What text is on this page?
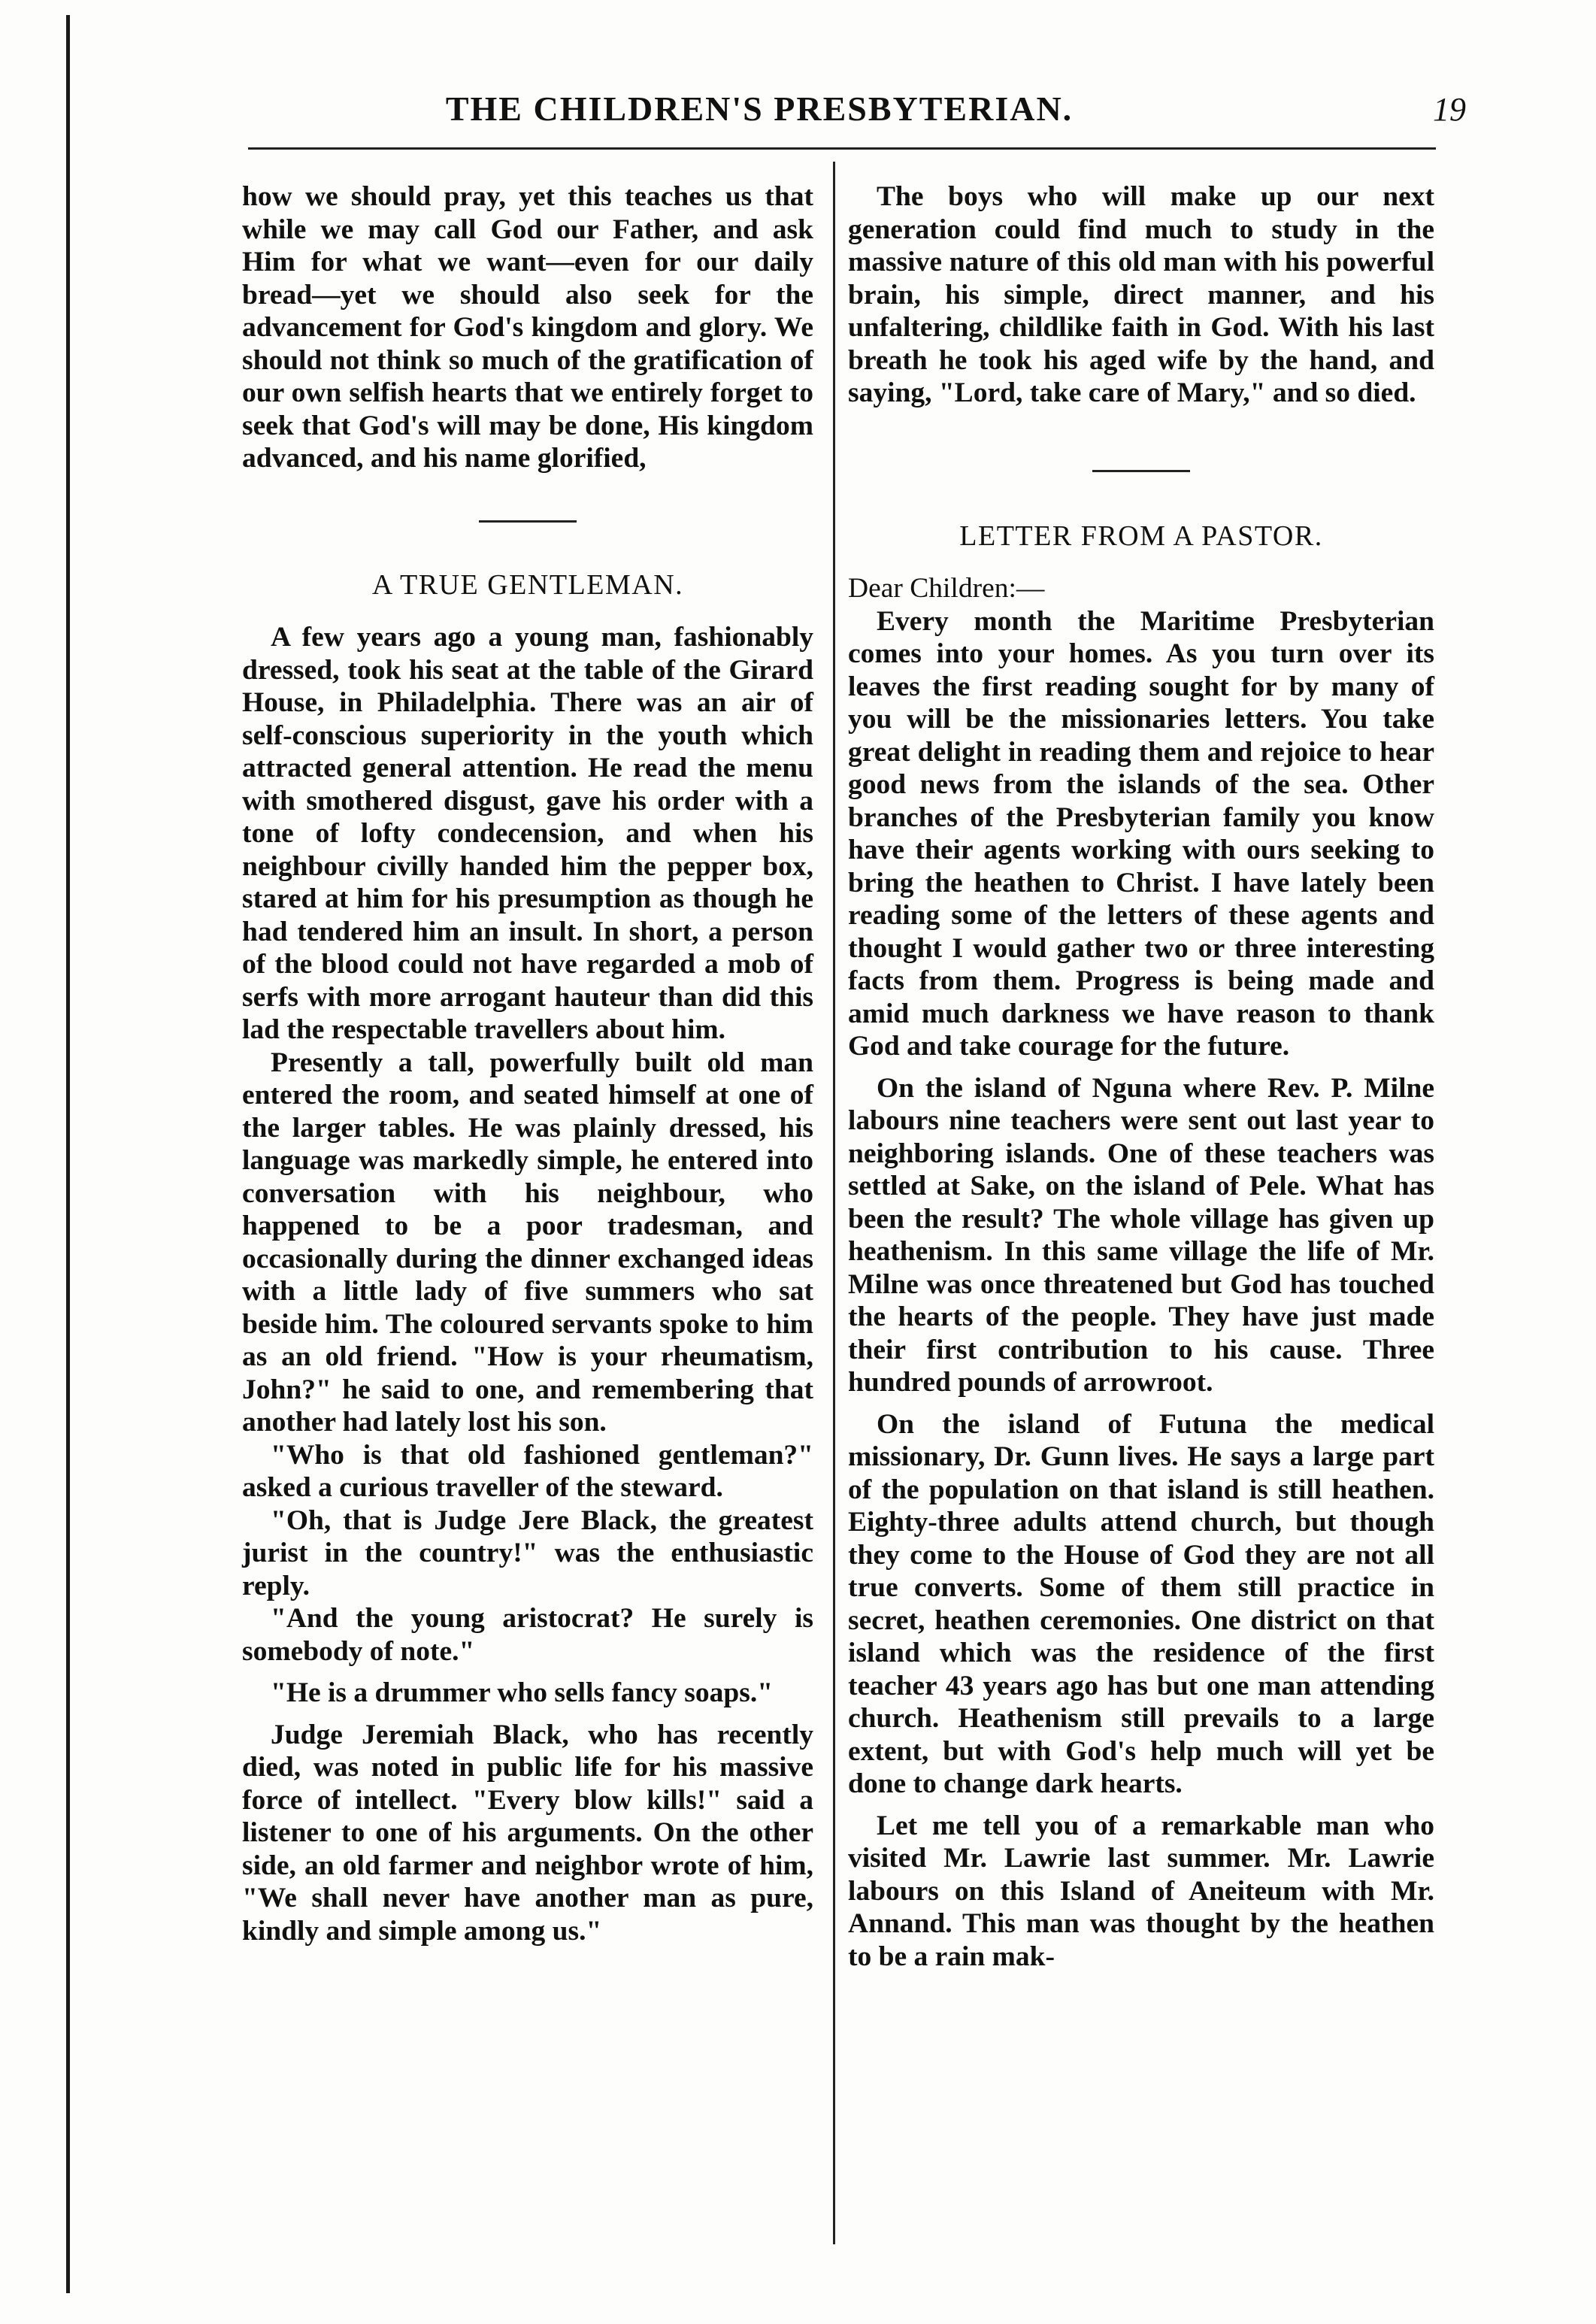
THE CHILDREN'S PRESBYTERIAN.	19

how we should pray, yet this teaches us that while we may call God our Father, and ask Him for what we want—even for our daily bread—yet we should also seek for the advancement for God's kingdom and glory. We should not think so much of the gratification of our own selfish hearts that we entirely forget to seek that God's will may be done, His kingdom advanced, and his name glorified,

A TRUE GENTLEMAN.

A few years ago a young man, fashionably dressed, took his seat at the table of the Girard House, in Philadelphia. There was an air of self-conscious superiority in the youth which attracted general attention. He read the menu with smothered disgust, gave his order with a tone of lofty condecension, and when his neighbour civilly handed him the pepper box, stared at him for his presumption as though he had tendered him an insult. In short, a person of the blood could not have regarded a mob of serfs with more arrogant hauteur than did this lad the respectable travellers about him.

Presently a tall, powerfully built old man entered the room, and seated himself at one of the larger tables. He was plainly dressed, his language was markedly simple, he entered into conversation with his neighbour, who happened to be a poor tradesman, and occasionally during the dinner exchanged ideas with a little lady of five summers who sat beside him. The coloured servants spoke to him as an old friend. "How is your rheumatism, John?" he said to one, and remembering that another had lately lost his son.

"Who is that old fashioned gentleman?" asked a curious traveller of the steward.

"Oh, that is Judge Jere Black, the greatest jurist in the country!" was the enthusiastic reply.

"And the young aristocrat? He surely is somebody of note."

"He is a drummer who sells fancy soaps."

Judge Jeremiah Black, who has recently died, was noted in public life for his massive force of intellect. "Every blow kills!" said a listener to one of his arguments. On the other side, an old farmer and neighbor wrote of him, "We shall never have another man as pure, kindly and simple among us."

The boys who will make up our next generation could find much to study in the massive nature of this old man with his powerful brain, his simple, direct manner, and his unfaltering, childlike faith in God. With his last breath he took his aged wife by the hand, and saying, "Lord, take care of Mary," and so died.

LETTER FROM A PASTOR.

Dear Children:—

Every month the Maritime Presbyterian comes into your homes. As you turn over its leaves the first reading sought for by many of you will be the missionaries letters. You take great delight in reading them and rejoice to hear good news from the islands of the sea. Other branches of the Presbyterian family you know have their agents working with ours seeking to bring the heathen to Christ. I have lately been reading some of the letters of these agents and thought I would gather two or three interesting facts from them. Progress is being made and amid much darkness we have reason to thank God and take courage for the future.

On the island of Nguna where Rev. P. Milne labours nine teachers were sent out last year to neighboring islands. One of these teachers was settled at Sake, on the island of Pele. What has been the result? The whole village has given up heathenism. In this same village the life of Mr. Milne was once threatened but God has touched the hearts of the people. They have just made their first contribution to his cause. Three hundred pounds of arrowroot.

On the island of Futuna the medical missionary, Dr. Gunn lives. He says a large part of the population on that island is still heathen. Eighty-three adults attend church, but though they come to the House of God they are not all true converts. Some of them still practice in secret, heathen ceremonies. One district on that island which was the residence of the first teacher 43 years ago has but one man attending church. Heathenism still prevails to a large extent, but with God's help much will yet be done to change dark hearts.

Let me tell you of a remarkable man who visited Mr. Lawrie last summer. Mr. Lawrie labours on this Island of Aneiteum with Mr. Annand. This man was thought by the heathen to be a rain mak-
